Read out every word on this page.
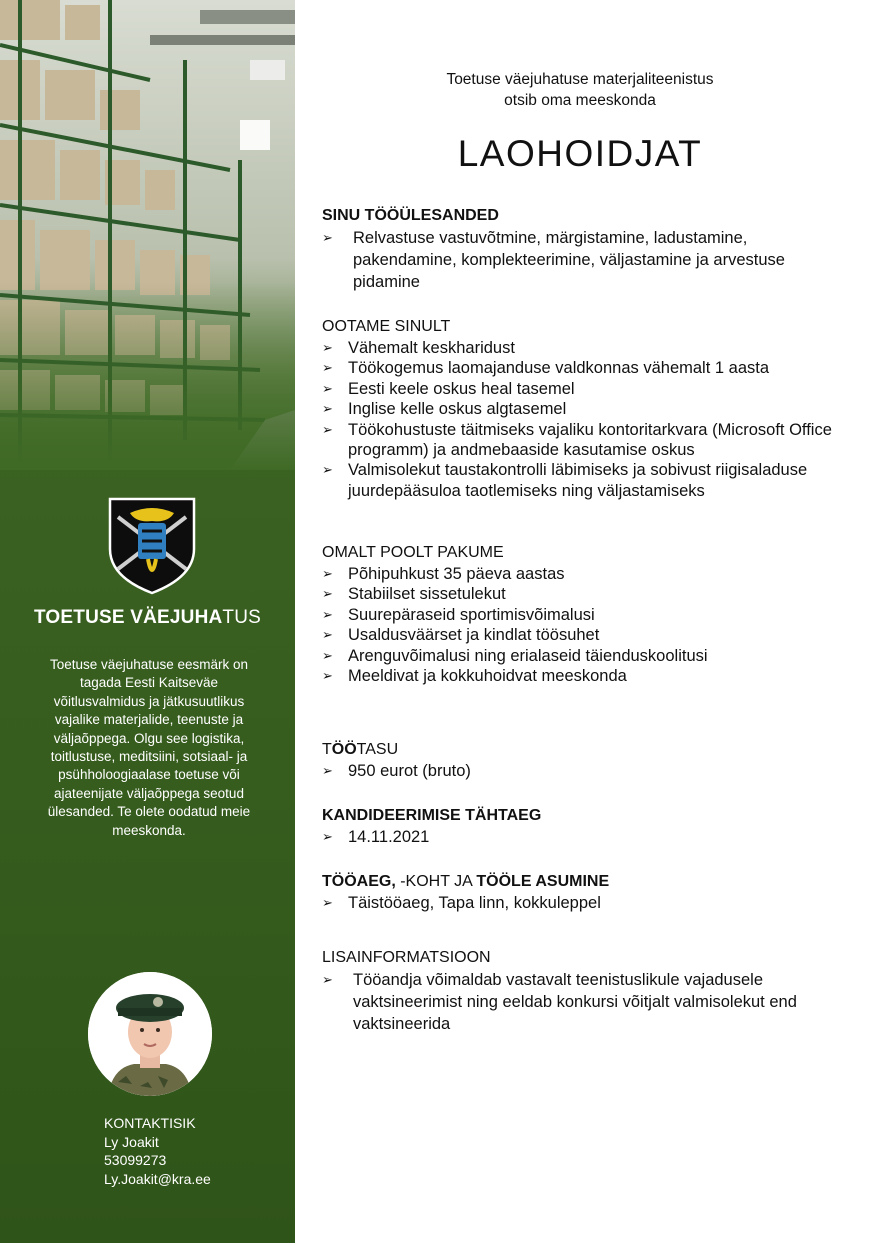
TOETUSE VÄEJUHATUS
Toetuse väejuhatuse eesmärk on tagada Eesti Kaitseväe võitlusvalmidus ja jätkusuutlikus vajalike materjalide, teenuste ja väljaõppega. Olgu see logistika, toitlustuse, meditsiini, sotsiaal- ja psühholoogiaalase toetuse või ajateenijate väljaõppega seotud ülesanded. Te olete oodatud meie meeskonda.
KONTAKTISIK
Ly Joakit
53099273
Ly.Joakit@kra.ee
Toetuse väejuhatuse materjaliteenistus
otsib oma meeskonda
LAOHOIDJAT
SINU TÖÖÜLESANDED
➢ Relvastuse vastuvõtmine, märgistamine, ladustamine, pakendamine, komplekteerimine, väljastamine ja arvestuse pidamine
OOTAME SINULT
➢ Vähemalt keskharidust
➢ Töökogemus laomajanduse valdkonnas vähemalt 1 aasta
➢ Eesti keele oskus heal tasemel
➢ Inglise kelle oskus algtasemel
➢ Töökohustuste täitmiseks vajaliku kontoritarkvara (Microsoft Office programm) ja andmebaaside kasutamise oskus
➢ Valmisolekut taustakontrolli läbimiseks ja sobivust riigisaladuse juurdepääsuloa taotlemiseks ning väljastamiseks
OMALT POOLT PAKUME
➢ Põhipuhkust 35 päeva aastas
➢ Stabiilset sissetulekut
➢ Suurepäraseid sportimisvõimalusi
➢ Usaldusväärset ja kindlat töösuhet
➢ Arenguvõimalusi ning erialaseid täienduskoolitusi
➢ Meeldivat ja kokkuhoidvat meeskonda
TÖÖTASU
➢ 950 eurot (bruto)
KANDIDEERIMISE TÄHTAEG
➢ 14.11.2021
TÖÖAEG, -KOHT JA TÖÖLE ASUMINE
➢ Täistööaeg, Tapa linn, kokkuleppel
LISAINFORMATSIOON
➢ Tööandja võimaldab vastavalt teenistuslikule vajadusele vaktsineerimist ning eeldab konkursi võitjalt valmisolekut end vaktsineerida
